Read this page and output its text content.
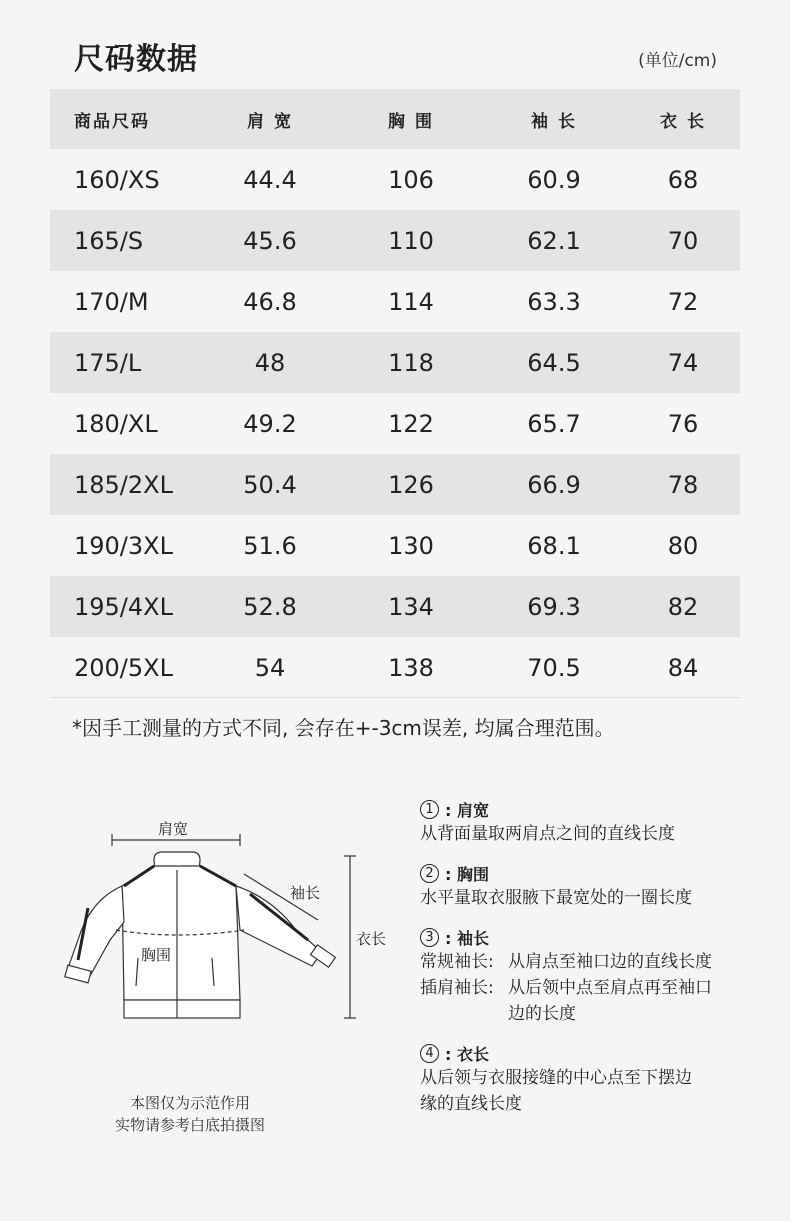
尺码数据	(单位/cm)
商品尺码	肩 宽	胸 围	袖 长	衣 长
160/XS	44.4	106	60.9	68
165/S	45.6	110	62.1	70
170/M	46.8	114	63.3	72
175/L	48	118	64.5	74
180/XL	49.2	122	65.7	76
185/2XL	50.4	126	66.9	78
190/3XL	51.6	130	68.1	80
195/4XL	52.8	134	69.3	82
200/5XL	54	138	70.5	84
*因手工测量的方式不同, 会存在+-3cm误差, 均属合理范围。
肩宽
袖长
胸围
衣长
本图仅为示范作用
实物请参考白底拍摄图
1 : 肩宽
从背面量取两肩点之间的直线长度
2 : 胸围
水平量取衣服腋下最宽处的一圈长度
3 : 袖长
常规袖长: 从肩点至袖口边的直线长度
插肩袖长: 从后领中点至肩点再至袖口
边的长度
4 : 衣长
从后领与衣服接缝的中心点至下摆边
缘的直线长度
